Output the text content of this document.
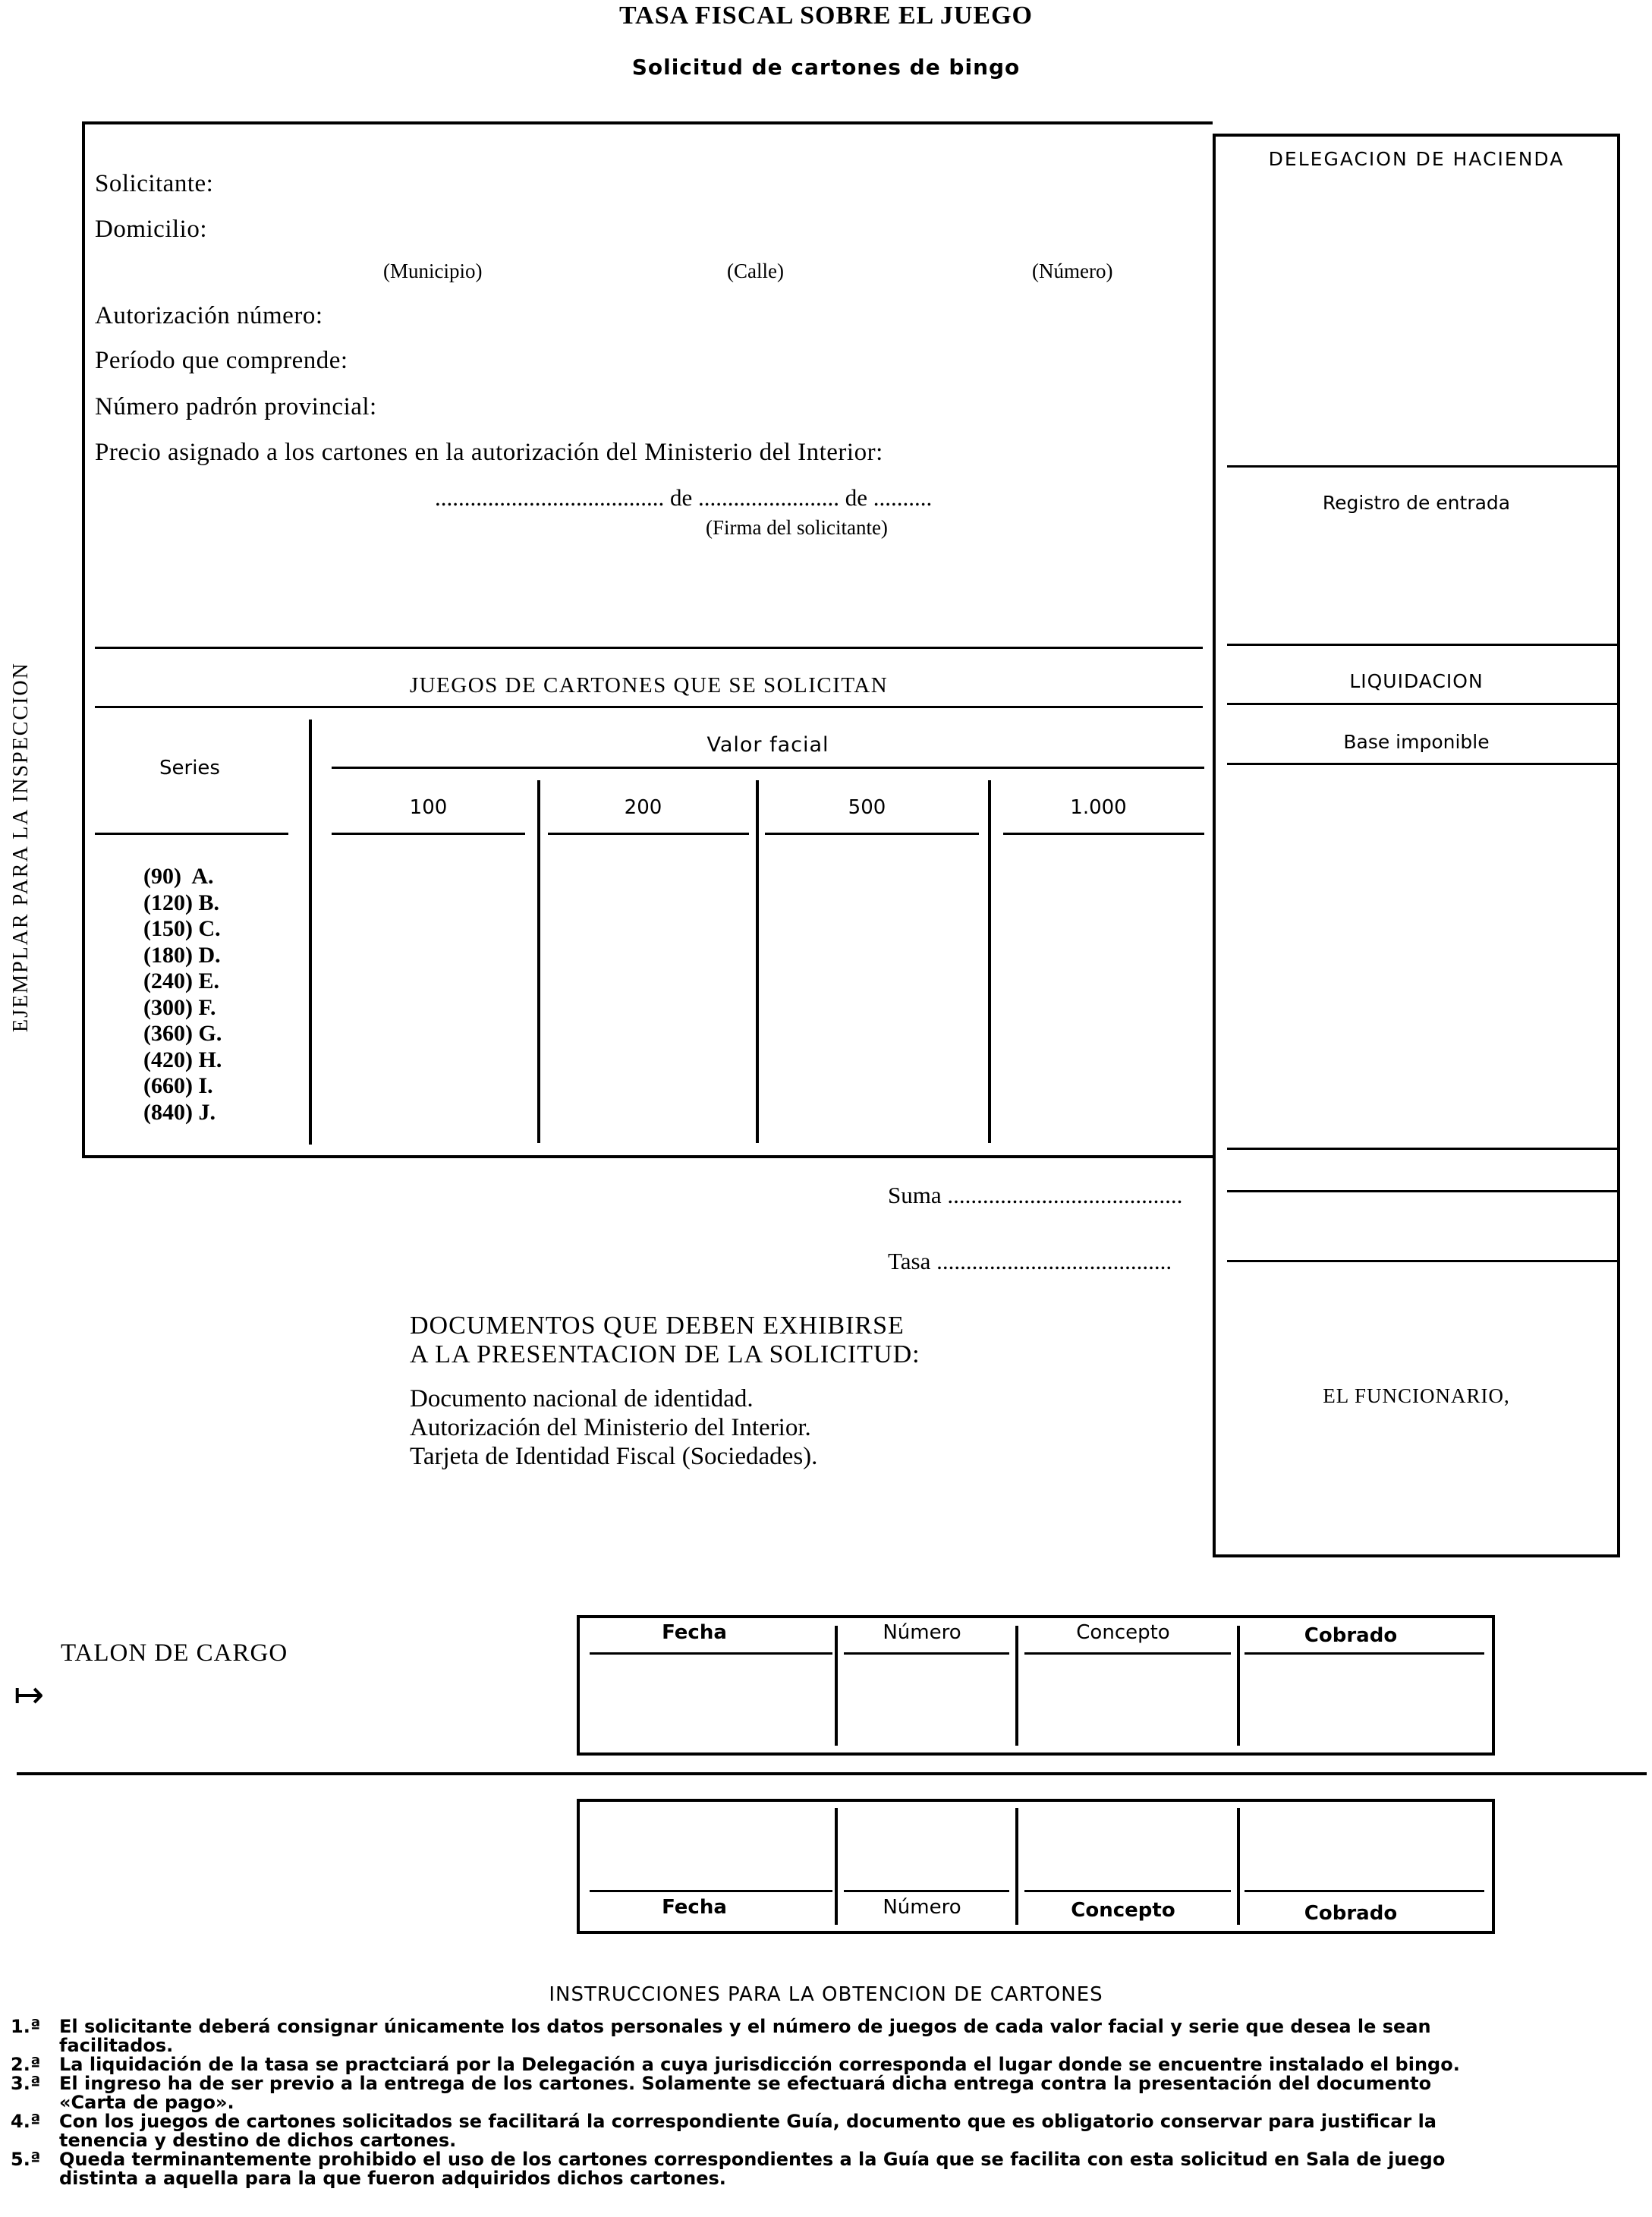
TASA FISCAL SOBRE EL JUEGO
Solicitud de cartones de bingo
EJEMPLAR PARA LA INSPECCION
Solicitante:
Domicilio:
(Municipio)	(Calle)	(Número)
Autorización número:
Período que comprende:
Número padrón provincial:
Precio asignado a los cartones en la autorización del Ministerio del Interior:
....................................... de ........................ de ..........
(Firma del solicitante)
JUEGOS DE CARTONES QUE SE SOLICITAN
Series
Valor facial
100	200	500	1.000
(90)  A.
(120) B.
(150) C.
(180) D.
(240) E.
(300) F.
(360) G.
(420) H.
(660) I.
(840) J.
Suma ........................................
Tasa ........................................
DOCUMENTOS QUE DEBEN EXHIBIRSE
A LA PRESENTACION DE LA SOLICITUD:
Documento nacional de identidad.
Autorización del Ministerio del Interior.
Tarjeta de Identidad Fiscal (Sociedades).
DELEGACION DE HACIENDA
Registro de entrada
LIQUIDACION
Base imponible
EL FUNCIONARIO,
TALON DE CARGO
↦
Fecha	Número	Concepto	Cobrado
Fecha	Número	Concepto	Cobrado
INSTRUCCIONES PARA LA OBTENCION DE CARTONES
1.ª	El solicitante deberá consignar únicamente los datos personales y el número de juegos de cada valor facial y serie que desea le sean
facilitados.
2.ª	La liquidación de la tasa se practciará por la Delegación a cuya jurisdicción corresponda el lugar donde se encuentre instalado el bingo.
3.ª	El ingreso ha de ser previo a la entrega de los cartones. Solamente se efectuará dicha entrega contra la presentación del documento
«Carta de pago».
4.ª	Con los juegos de cartones solicitados se facilitará la correspondiente Guía, documento que es obligatorio conservar para justificar la
tenencia y destino de dichos cartones.
5.ª	Queda terminantemente prohibido el uso de los cartones correspondientes a la Guía que se facilita con esta solicitud en Sala de juego
distinta a aquella para la que fueron adquiridos dichos cartones.
